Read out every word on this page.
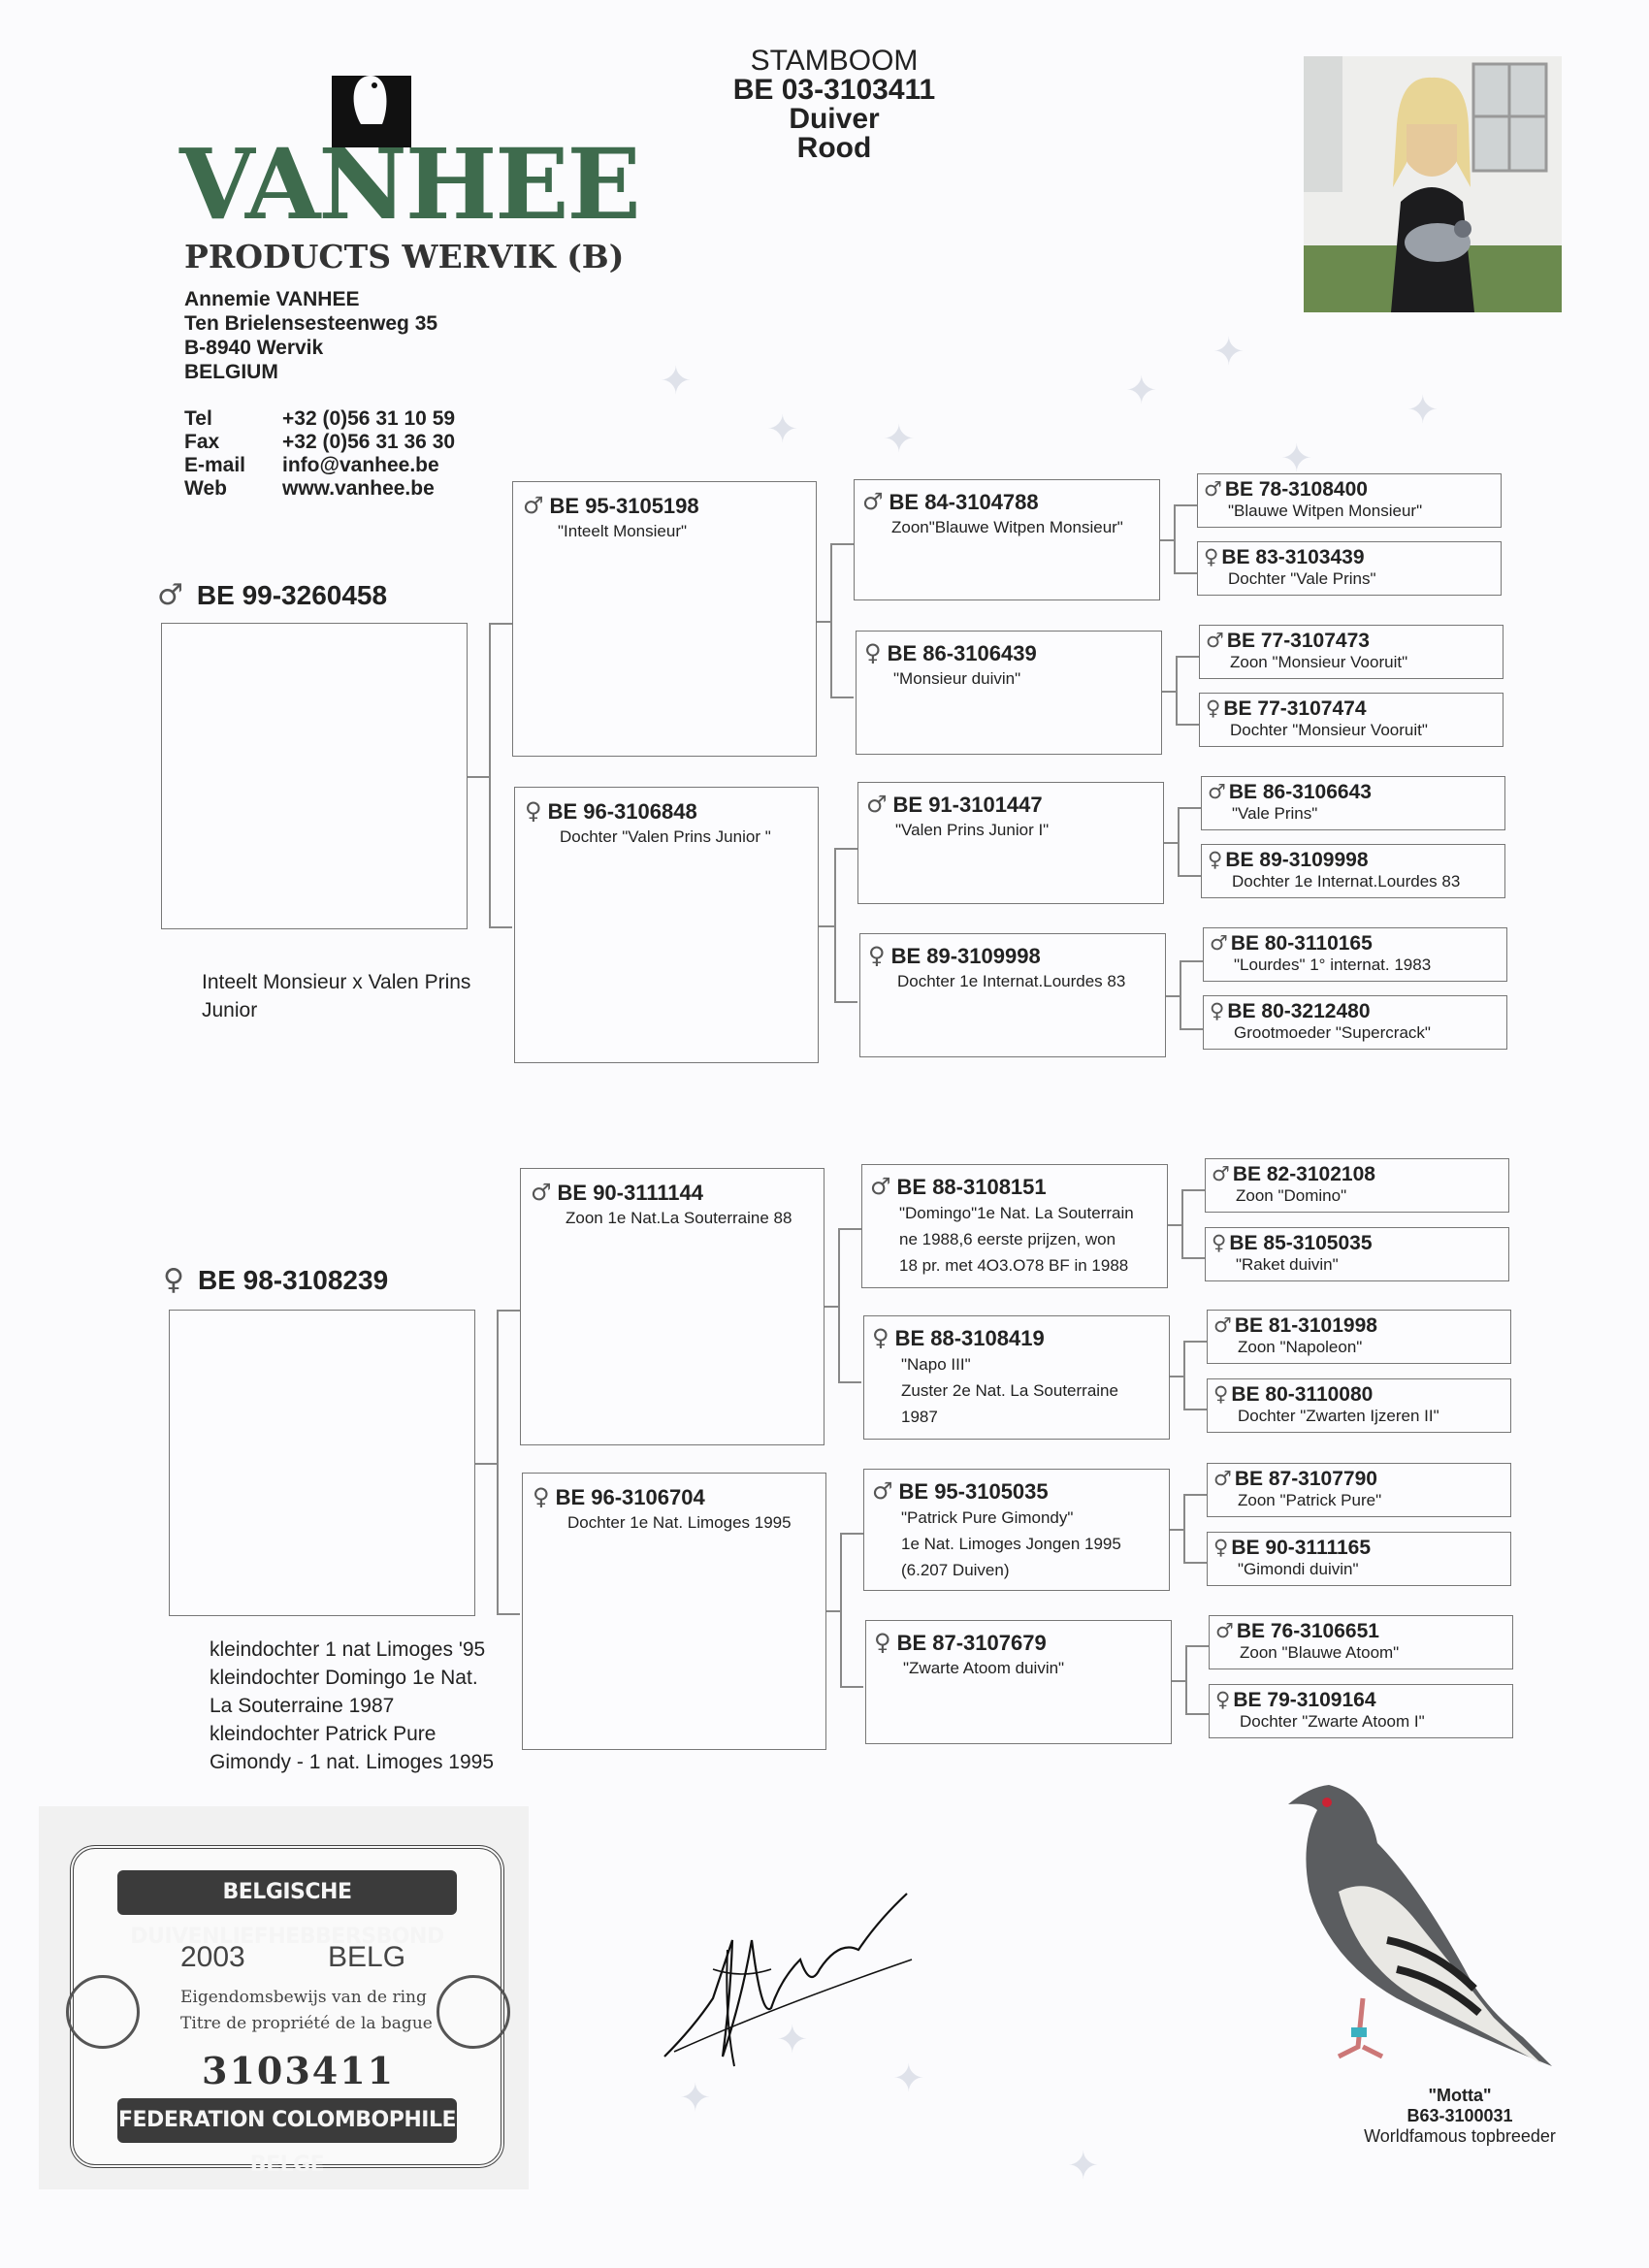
✦
✦ ✦
✦
✦
✦
✦
✦
✦
✦
✦
VANHEE
PRODUCTS WERVIK (B)
Annemie VANHEE
Ten Brielensesteenweg 35
B-8940 Wervik
BELGIUM
Tel	+32 (0)56 31 10 59
Fax	+32 (0)56 31 36 30
E-mail	info@vanhee.be
Web	www.vanhee.be
STAMBOOM
BE 03-3103411
Duiver
Rood
♂ BE 99-3260458
Inteelt Monsieur x Valen Prins
Junior
♂ BE 95-3105198
"Inteelt Monsieur"
♀ BE 96-3106848
Dochter "Valen Prins Junior "
♂ BE 84-3104788
Zoon"Blauwe Witpen Monsieur"
♀ BE 86-3106439
"Monsieur duivin"
♂ BE 91-3101447
"Valen Prins Junior I"
♀ BE 89-3109998
Dochter 1e Internat.Lourdes 83
♂ BE 78-3108400
"Blauwe Witpen Monsieur"
♀ BE 83-3103439
Dochter "Vale Prins"
♂ BE 77-3107473
Zoon "Monsieur Vooruit"
♀ BE 77-3107474
Dochter "Monsieur Vooruit"
♂ BE 86-3106643
"Vale Prins"
♀ BE 89-3109998
Dochter 1e Internat.Lourdes 83
♂ BE 80-3110165
"Lourdes" 1° internat. 1983
♀ BE 80-3212480
Grootmoeder "Supercrack"
♀ BE 98-3108239
kleindochter 1 nat Limoges '95
kleindochter Domingo 1e Nat.
La Souterraine 1987
kleindochter Patrick Pure
Gimondy - 1 nat. Limoges 1995
♂ BE 90-3111144
Zoon 1e Nat.La Souterraine 88
♀ BE 96-3106704
Dochter 1e Nat. Limoges 1995
♂ BE 88-3108151
"Domingo"1e Nat. La Souterrain
ne 1988,6 eerste prijzen, won
18 pr. met 4O3.O78 BF in 1988
♀ BE 88-3108419
"Napo III"
Zuster 2e Nat. La Souterraine
1987
♂ BE 95-3105035
"Patrick Pure Gimondy"
1e Nat. Limoges Jongen 1995
(6.207 Duiven)
♀ BE 87-3107679
"Zwarte Atoom duivin"
♂ BE 82-3102108
Zoon "Domino"
♀ BE 85-3105035
"Raket duivin"
♂ BE 81-3101998
Zoon "Napoleon"
♀ BE 80-3110080
Dochter "Zwarten Ijzeren II"
♂ BE 87-3107790
Zoon "Patrick Pure"
♀ BE 90-3111165
"Gimondi duivin"
♂ BE 76-3106651
Zoon "Blauwe Atoom"
♀ BE 79-3109164
Dochter "Zwarte Atoom I"
BELGISCHE DUIVENLIEFHEBBERSBOND
2003	BELG
Eigendomsbewijs van de ring
Titre de propriété de la bague
3103411
FEDERATION COLOMBOPHILE BELGE
"Motta"
B63-3100031
Worldfamous topbreeder
